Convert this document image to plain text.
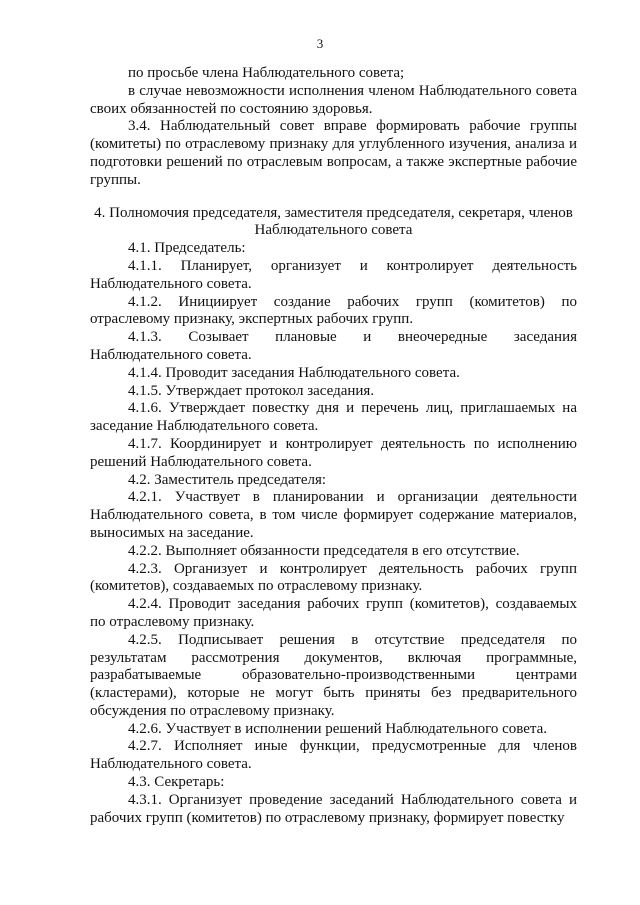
3

по просьбе члена Наблюдательного совета;

в случае невозможности исполнения членом Наблюдательного совета своих обязанностей по состоянию здоровья.

3.4. Наблюдательный совет вправе формировать рабочие группы (комитеты) по отраслевому признаку для углубленного изучения, анализа и подготовки решений по отраслевым вопросам, а также экспертные рабочие группы.

4. Полномочия председателя, заместителя председателя, секретаря, членов Наблюдательного совета

4.1. Председатель:

4.1.1. Планирует, организует и контролирует деятельность Наблюдательного совета.

4.1.2. Инициирует создание рабочих групп (комитетов) по отраслевому признаку, экспертных рабочих групп.

4.1.3. Созывает плановые и внеочередные заседания Наблюдательного совета.

4.1.4. Проводит заседания Наблюдательного совета.

4.1.5. Утверждает протокол заседания.

4.1.6. Утверждает повестку дня и перечень лиц, приглашаемых на заседание Наблюдательного совета.

4.1.7. Координирует и контролирует деятельность по исполнению решений Наблюдательного совета.

4.2. Заместитель председателя:

4.2.1. Участвует в планировании и организации деятельности Наблюдательного совета, в том числе формирует содержание материалов, выносимых на заседание.

4.2.2. Выполняет обязанности председателя в его отсутствие.

4.2.3. Организует и контролирует деятельность рабочих групп (комитетов), создаваемых по отраслевому признаку.

4.2.4. Проводит заседания рабочих групп (комитетов), создаваемых по отраслевому признаку.

4.2.5. Подписывает решения в отсутствие председателя по результатам рассмотрения документов, включая программные, разрабатываемые образовательно-производственными центрами (кластерами), которые не могут быть приняты без предварительного обсуждения по отраслевому признаку.

4.2.6. Участвует в исполнении решений Наблюдательного совета.

4.2.7. Исполняет иные функции, предусмотренные для членов Наблюдательного совета.

4.3. Секретарь:

4.3.1. Организует проведение заседаний Наблюдательного совета и рабочих групп (комитетов) по отраслевому признаку, формирует повестку
